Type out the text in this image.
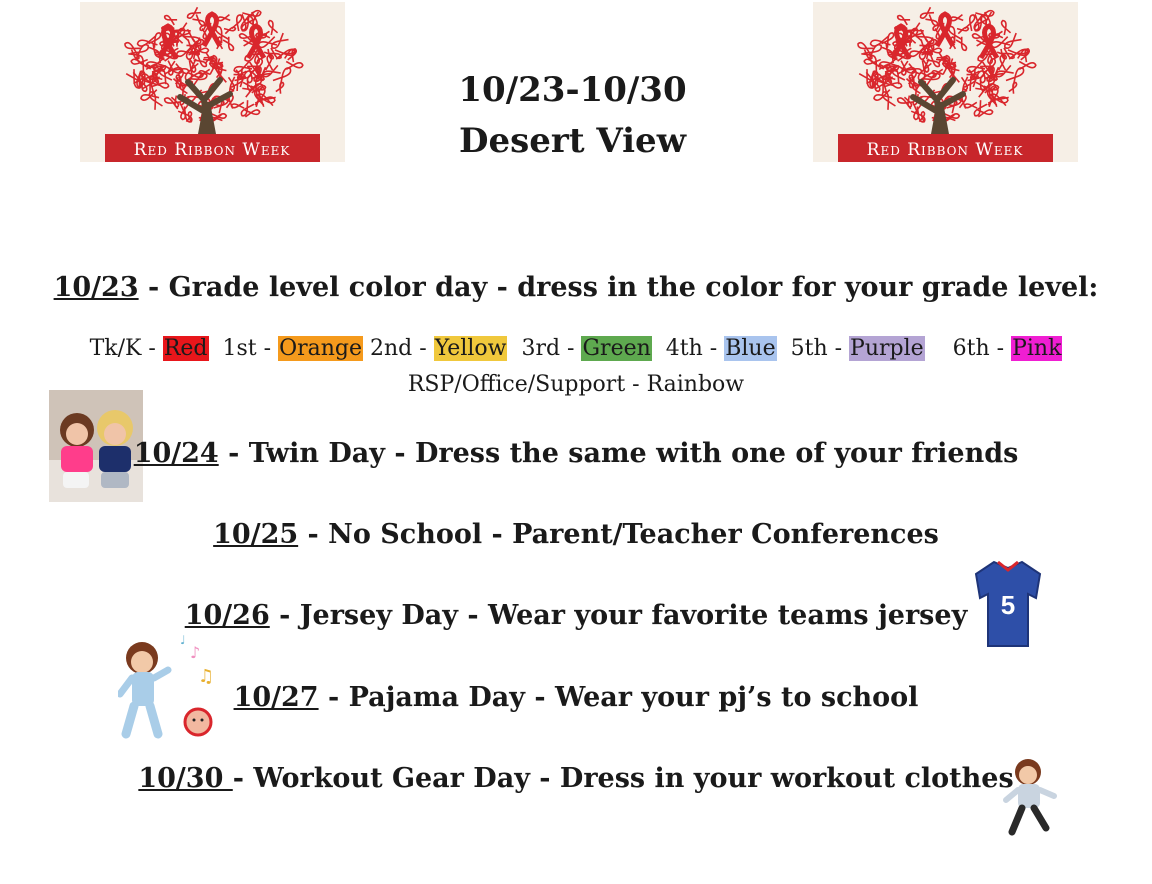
Red Ribbon Week	Red Ribbon Week
10/23-10/30
Desert View
10/23 - Grade level color day - dress in the color for your grade level:
Tk/K - Red  1st - Orange 2nd - Yellow  3rd - Green  4th - Blue  5th - Purple    6th - Pink
RSP/Office/Support - Rainbow
10/24 - Twin Day - Dress the same with one of your friends
10/25 - No School - Parent/Teacher Conferences
5
10/26 - Jersey Day - Wear your favorite teams jersey
♪
♫
♩
10/27 - Pajama Day - Wear your pj’s to school
10/30 - Workout Gear Day - Dress in your workout clothes
